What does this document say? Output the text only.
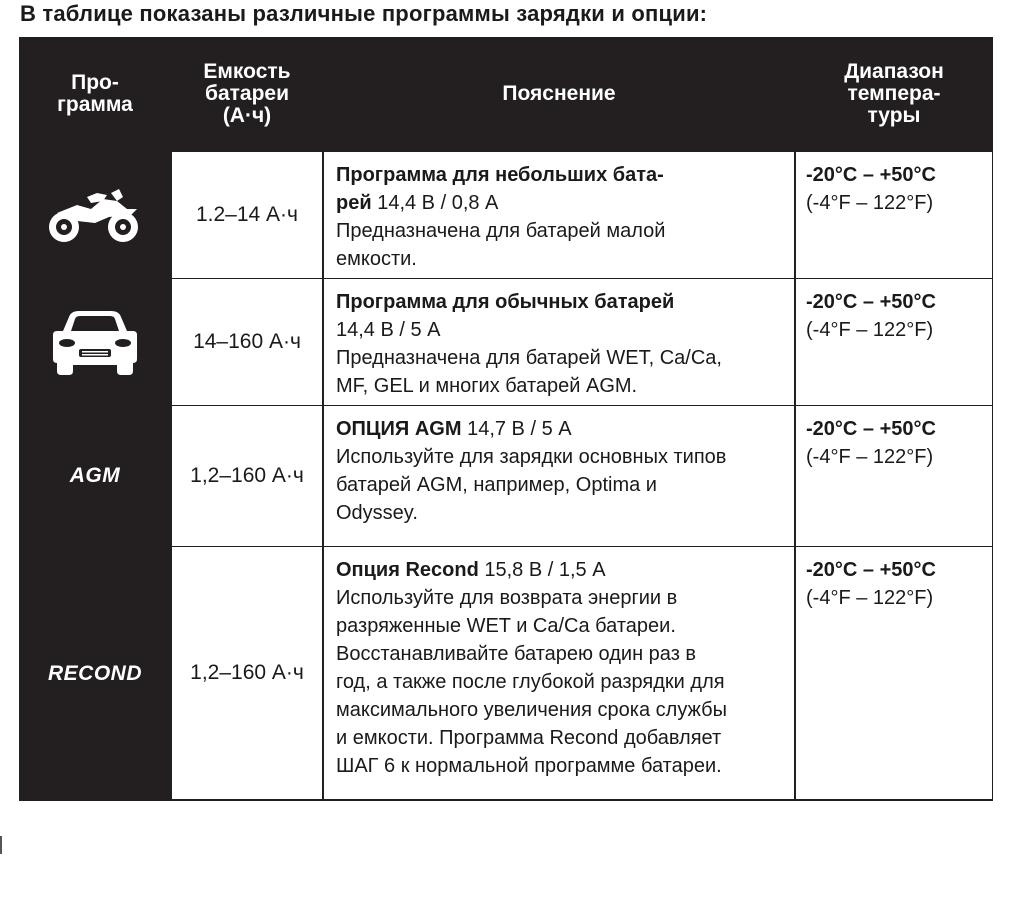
В таблице показаны различные программы зарядки и опции:
Про-
грамма
Емкость
батареи
(А·ч)
Пояснение
Диапазон
темпера-
туры
1.2–14 А·ч
Программа для небольших бата-
рей 14,4 В / 0,8 А
Предназначена для батарей малой
емкости.
-20°C – +50°C
(-4°F – 122°F)
14–160 А·ч
Программа для обычных батарей
14,4 В / 5 А
Предназначена для батарей WET, Ca/Ca,
MF, GEL и многих батарей AGM.
-20°C – +50°C
(-4°F – 122°F)
AGM	1,2–160 А·ч
ОПЦИЯ AGM 14,7 В / 5 А
Используйте для зарядки основных типов
батарей AGM, например, Optima и
Odyssey.
-20°C – +50°C
(-4°F – 122°F)
RECOND 1,2–160 А·ч
Опция Recond 15,8 В / 1,5 А
Используйте для возврата энергии в
разряженные WET и Ca/Ca батареи.
Восстанавливайте батарею один раз в
год, а также после глубокой разрядки для
максимального увеличения срока службы
и емкости. Программа Recond добавляет
ШАГ 6 к нормальной программе батареи.
-20°C – +50°C
(-4°F – 122°F)
